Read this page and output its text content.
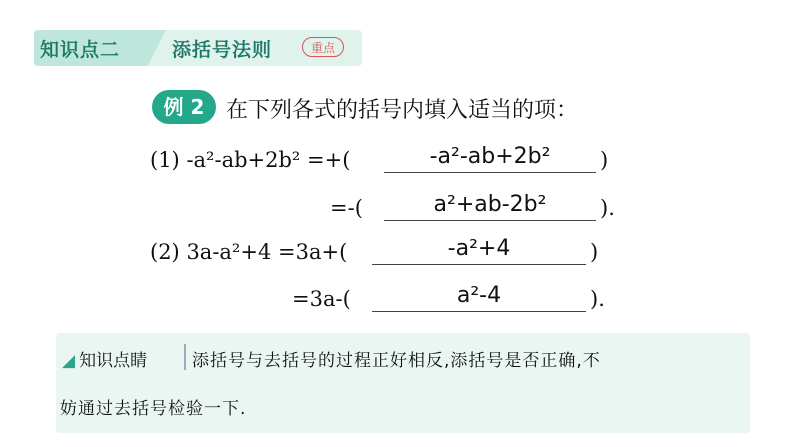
知识点二	添括号法则	重点
例 2 在下列各式的括号内填入适当的项：
(1) -a²-ab+2b² =+(	-a²-ab+2b²	)
=-(	a²+ab-2b²	).
(2) 3a-a²+4 =3a+(	-a²+4	)
=3a-(	a²-4	).
◢ 知识点睛	添括号与去括号的过程正好相反,添括号是否正确,不
妨通过去括号检验一下.
